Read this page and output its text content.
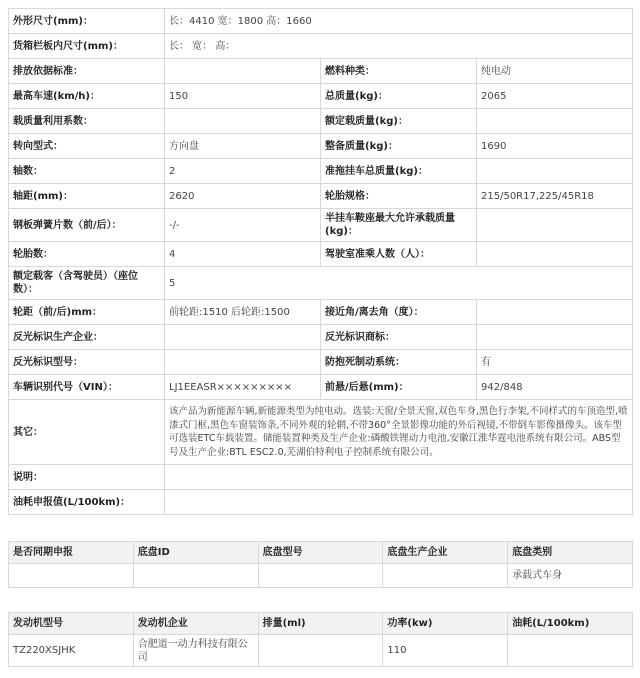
外形尺寸(mm)：	长：4410 宽：1800 高：1660		
货箱栏板内尺寸(mm)：	长： 宽： 高：		
排放依据标准：		燃料种类：	纯电动
最高车速(km/h)：	150	总质量(kg)：	2065
载质量利用系数：		额定载质量(kg)：	
转向型式：	方向盘	整备质量(kg)：	1690
轴数：	2	准拖挂车总质量(kg)：	
轴距(mm)：	2620	轮胎规格：	215/50R17,225/45R18
钢板弹簧片数（前/后）：	-/-	半挂车鞍座最大允许承载质量(kg)：	
轮胎数：	4	驾驶室准乘人数（人）：	
额定载客（含驾驶员）（座位数）：	5		
轮距（前/后)mm：	前轮距:1510 后轮距:1500	接近角/离去角（度）：	
反光标识生产企业：		反光标识商标：	
反光标识型号：		防抱死制动系统：	有
车辆识别代号（VIN）：	LJ1EEASR×××××××××	前悬/后悬(mm)：	942/848
其它：	该产品为新能源车辆,新能源类型为纯电动。选装:天窗/全景天窗,双色车身,黑色行李架,不同样式的车顶造型,喷漆式门框,黑色车窗装饰条,不同外观的轮辋,不带360°全景影像功能的外后视镜,不带倒车影像摄像头。该车型可选装ETC车载装置。储能装置种类及生产企业:磷酸铁锂动力电池,安徽江淮华霆电池系统有限公司。ABS型号及生产企业:BTL ESC2.0,芜湖伯特利电子控制系统有限公司。		
说明：			
油耗申报值(L/100km)：			
是否同期申报	底盘ID	底盘型号	底盘生产企业	底盘类别
				承载式车身
发动机型号	发动机企业	排量(ml)	功率(kw)	油耗(L/100km)
TZ220XSJHK	合肥道一动力科技有限公司		110	
